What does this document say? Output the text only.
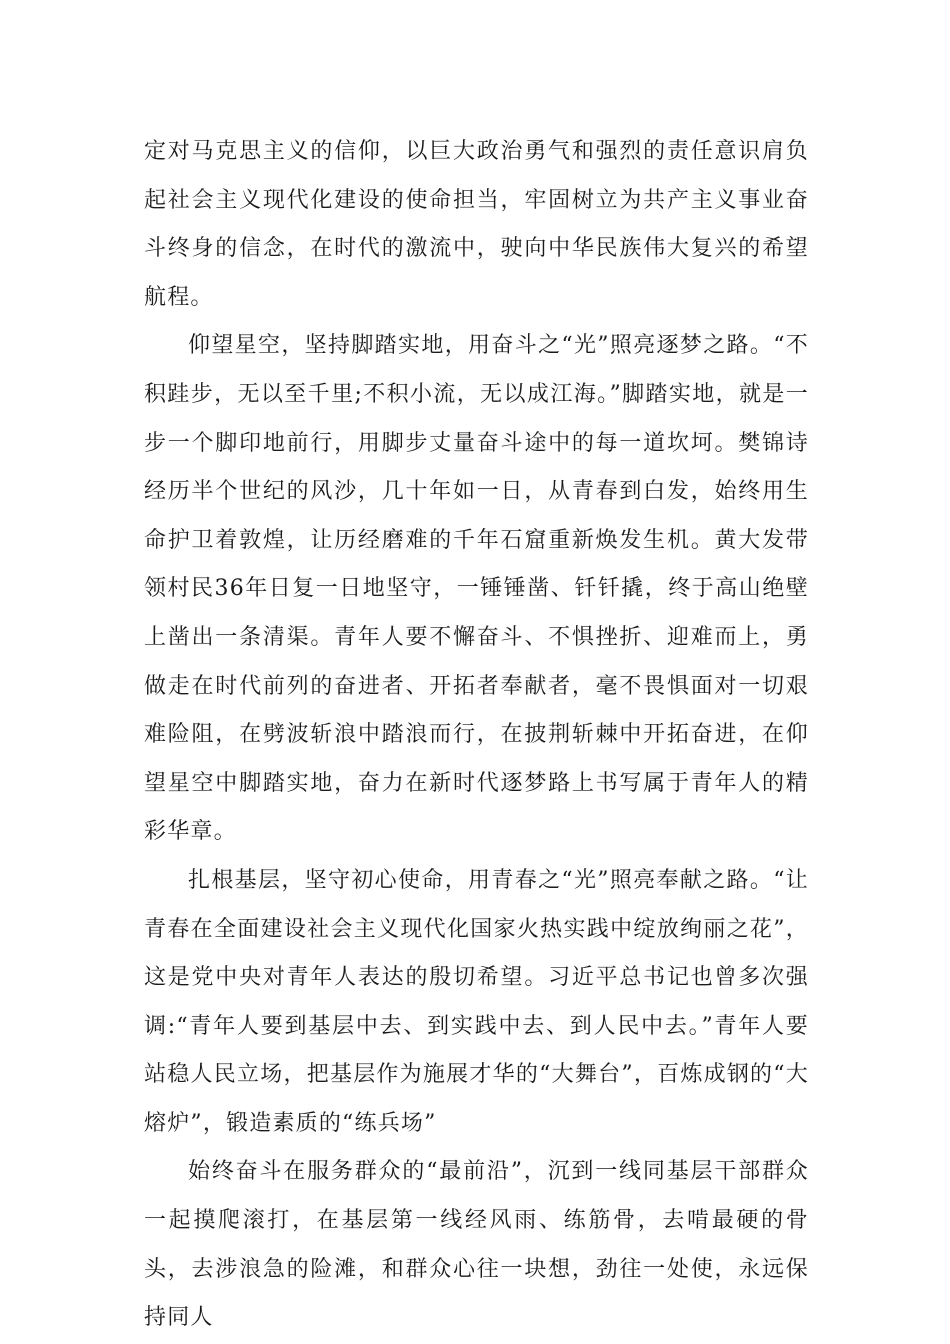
定对马克思主义的信仰，以巨大政治勇气和强烈的责任意识肩负起社会主义现代化建设的使命担当，牢固树立为共产主义事业奋斗终身的信念，在时代的激流中，驶向中华民族伟大复兴的希望航程。

仰望星空，坚持脚踏实地，用奋斗之“光”照亮逐梦之路。“不积跬步，无以至千里;不积小流，无以成江海。”脚踏实地，就是一步一个脚印地前行，用脚步丈量奋斗途中的每一道坎坷。樊锦诗经历半个世纪的风沙，几十年如一日，从青春到白发，始终用生命护卫着敦煌，让历经磨难的千年石窟重新焕发生机。黄大发带领村民36年日复一日地坚守，一锤锤凿、钎钎撬，终于高山绝壁上凿出一条清渠。青年人要不懈奋斗、不惧挫折、迎难而上，勇做走在时代前列的奋进者、开拓者奉献者，毫不畏惧面对一切艰难险阻，在劈波斩浪中踏浪而行，在披荆斩棘中开拓奋进，在仰望星空中脚踏实地，奋力在新时代逐梦路上书写属于青年人的精彩华章。

扎根基层，坚守初心使命，用青春之“光”照亮奉献之路。“让青春在全面建设社会主义现代化国家火热实践中绽放绚丽之花”，这是党中央对青年人表达的殷切希望。习近平总书记也曾多次强调:“青年人要到基层中去、到实践中去、到人民中去。”青年人要站稳人民立场，把基层作为施展才华的“大舞台”，百炼成钢的“大熔炉”，锻造素质的“练兵场”

始终奋斗在服务群众的“最前沿”，沉到一线同基层干部群众一起摸爬滚打，在基层第一线经风雨、练筋骨，去啃最硬的骨头，去涉浪急的险滩，和群众心往一块想，劲往一处使，永远保持同人
